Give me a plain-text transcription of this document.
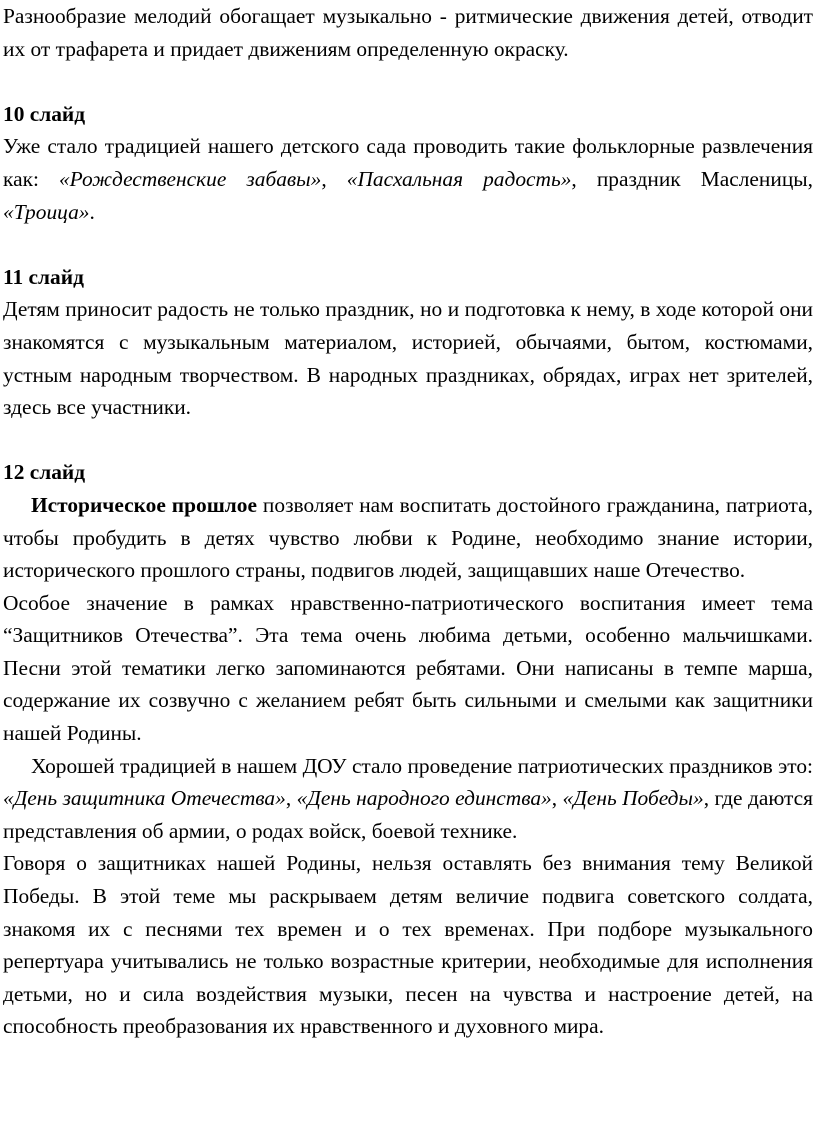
Разнообразие мелодий обогащает музыкально - ритмические движения детей, отводит их от трафарета и придает движениям определенную окраску.

10 слайд

Уже стало традицией нашего детского сада проводить такие фольклорные развлечения как: «Рождественские забавы», «Пасхальная радость», праздник Масленицы, «Троица».

11 слайд

Детям приносит радость не только праздник, но и подготовка к нему, в ходе которой они знакомятся с музыкальным материалом, историей, обычаями, бытом, костюмами, устным народным творчеством. В народных праздниках, обрядах, играх нет зрителей, здесь все участники.

12 слайд

Историческое прошлое позволяет нам воспитать достойного гражданина, патриота, чтобы пробудить в детях чувство любви к Родине, необходимо знание истории, исторического прошлого страны, подвигов людей, защищавших наше Отечество.

Особое значение в рамках нравственно-патриотического воспитания имеет тема “Защитников Отечества”. Эта тема очень любима детьми, особенно мальчишками. Песни этой тематики легко запоминаются ребятами. Они написаны в темпе марша, содержание их созвучно с желанием ребят быть сильными и смелыми как защитники нашей Родины.

Хорошей традицией в нашем ДОУ стало проведение патриотических праздников это: «День защитника Отечества», «День народного единства», «День Победы», где даются представления об армии, о родах войск, боевой технике.

Говоря о защитниках нашей Родины, нельзя оставлять без внимания тему Великой Победы. В этой теме мы раскрываем детям величие подвига советского солдата, знакомя их с песнями тех времен и о тех временах. При подборе музыкального репертуара учитывались не только возрастные критерии, необходимые для исполнения детьми, но и сила воздействия музыки, песен на чувства и настроение детей, на способность преобразования их нравственного и духовного мира.
